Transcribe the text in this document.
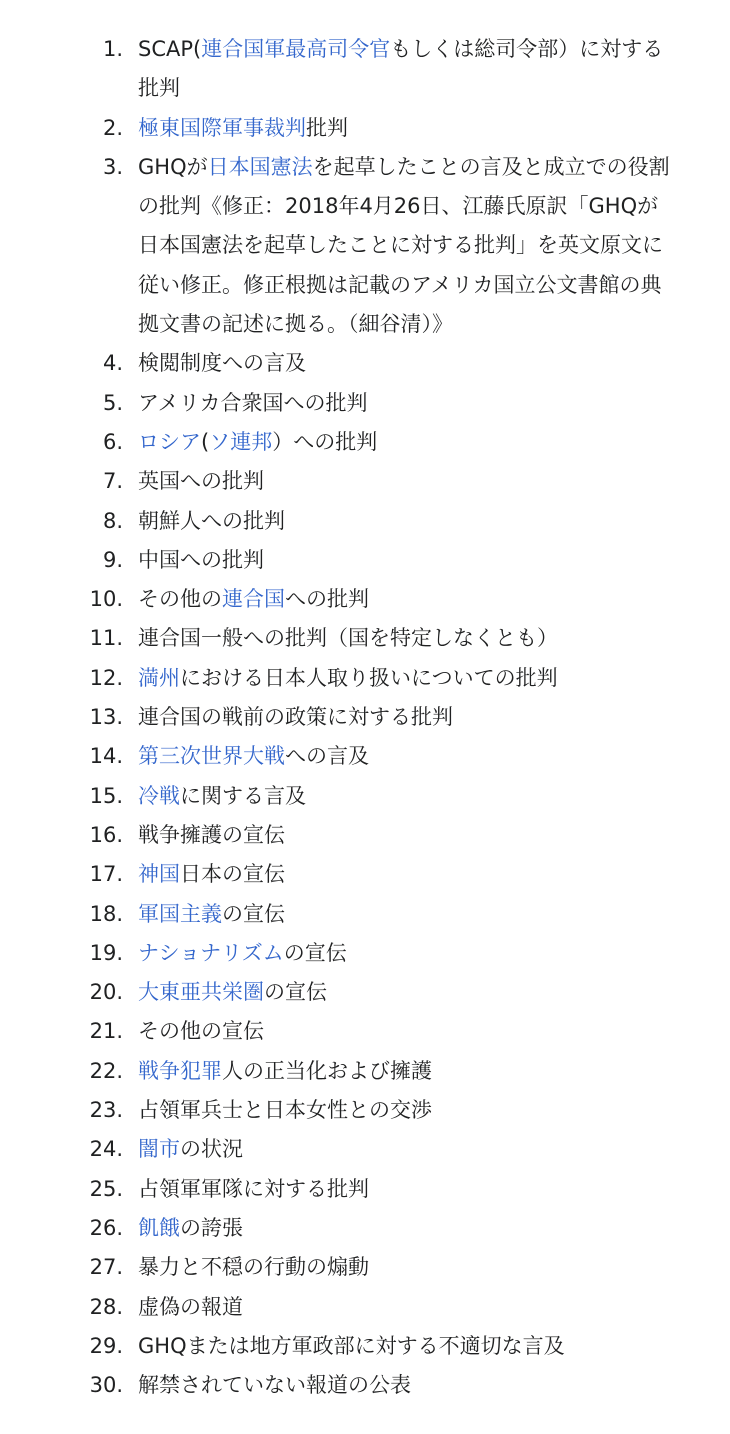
1. SCAP(連合国軍最高司令官もしくは総司令部）に対する批判
2. 極東国際軍事裁判批判
3. GHQが日本国憲法を起草したことの言及と成立での役割の批判《修正：2018年4月26日、江藤氏原訳「GHQが日本国憲法を起草したことに対する批判」を英文原文に従い修正。修正根拠は記載のアメリカ国立公文書館の典拠文書の記述に拠る。（細谷清）》
4. 検閲制度への言及
5. アメリカ合衆国への批判
6. ロシア(ソ連邦）への批判
7. 英国への批判
8. 朝鮮人への批判
9. 中国への批判
10. その他の連合国への批判
11. 連合国一般への批判（国を特定しなくとも）
12. 満州における日本人取り扱いについての批判
13. 連合国の戦前の政策に対する批判
14. 第三次世界大戦への言及
15. 冷戦に関する言及
16. 戦争擁護の宣伝
17. 神国日本の宣伝
18. 軍国主義の宣伝
19. ナショナリズムの宣伝
20. 大東亜共栄圏の宣伝
21. その他の宣伝
22. 戦争犯罪人の正当化および擁護
23. 占領軍兵士と日本女性との交渉
24. 闇市の状況
25. 占領軍軍隊に対する批判
26. 飢餓の誇張
27. 暴力と不穏の行動の煽動
28. 虚偽の報道
29. GHQまたは地方軍政部に対する不適切な言及
30. 解禁されていない報道の公表
